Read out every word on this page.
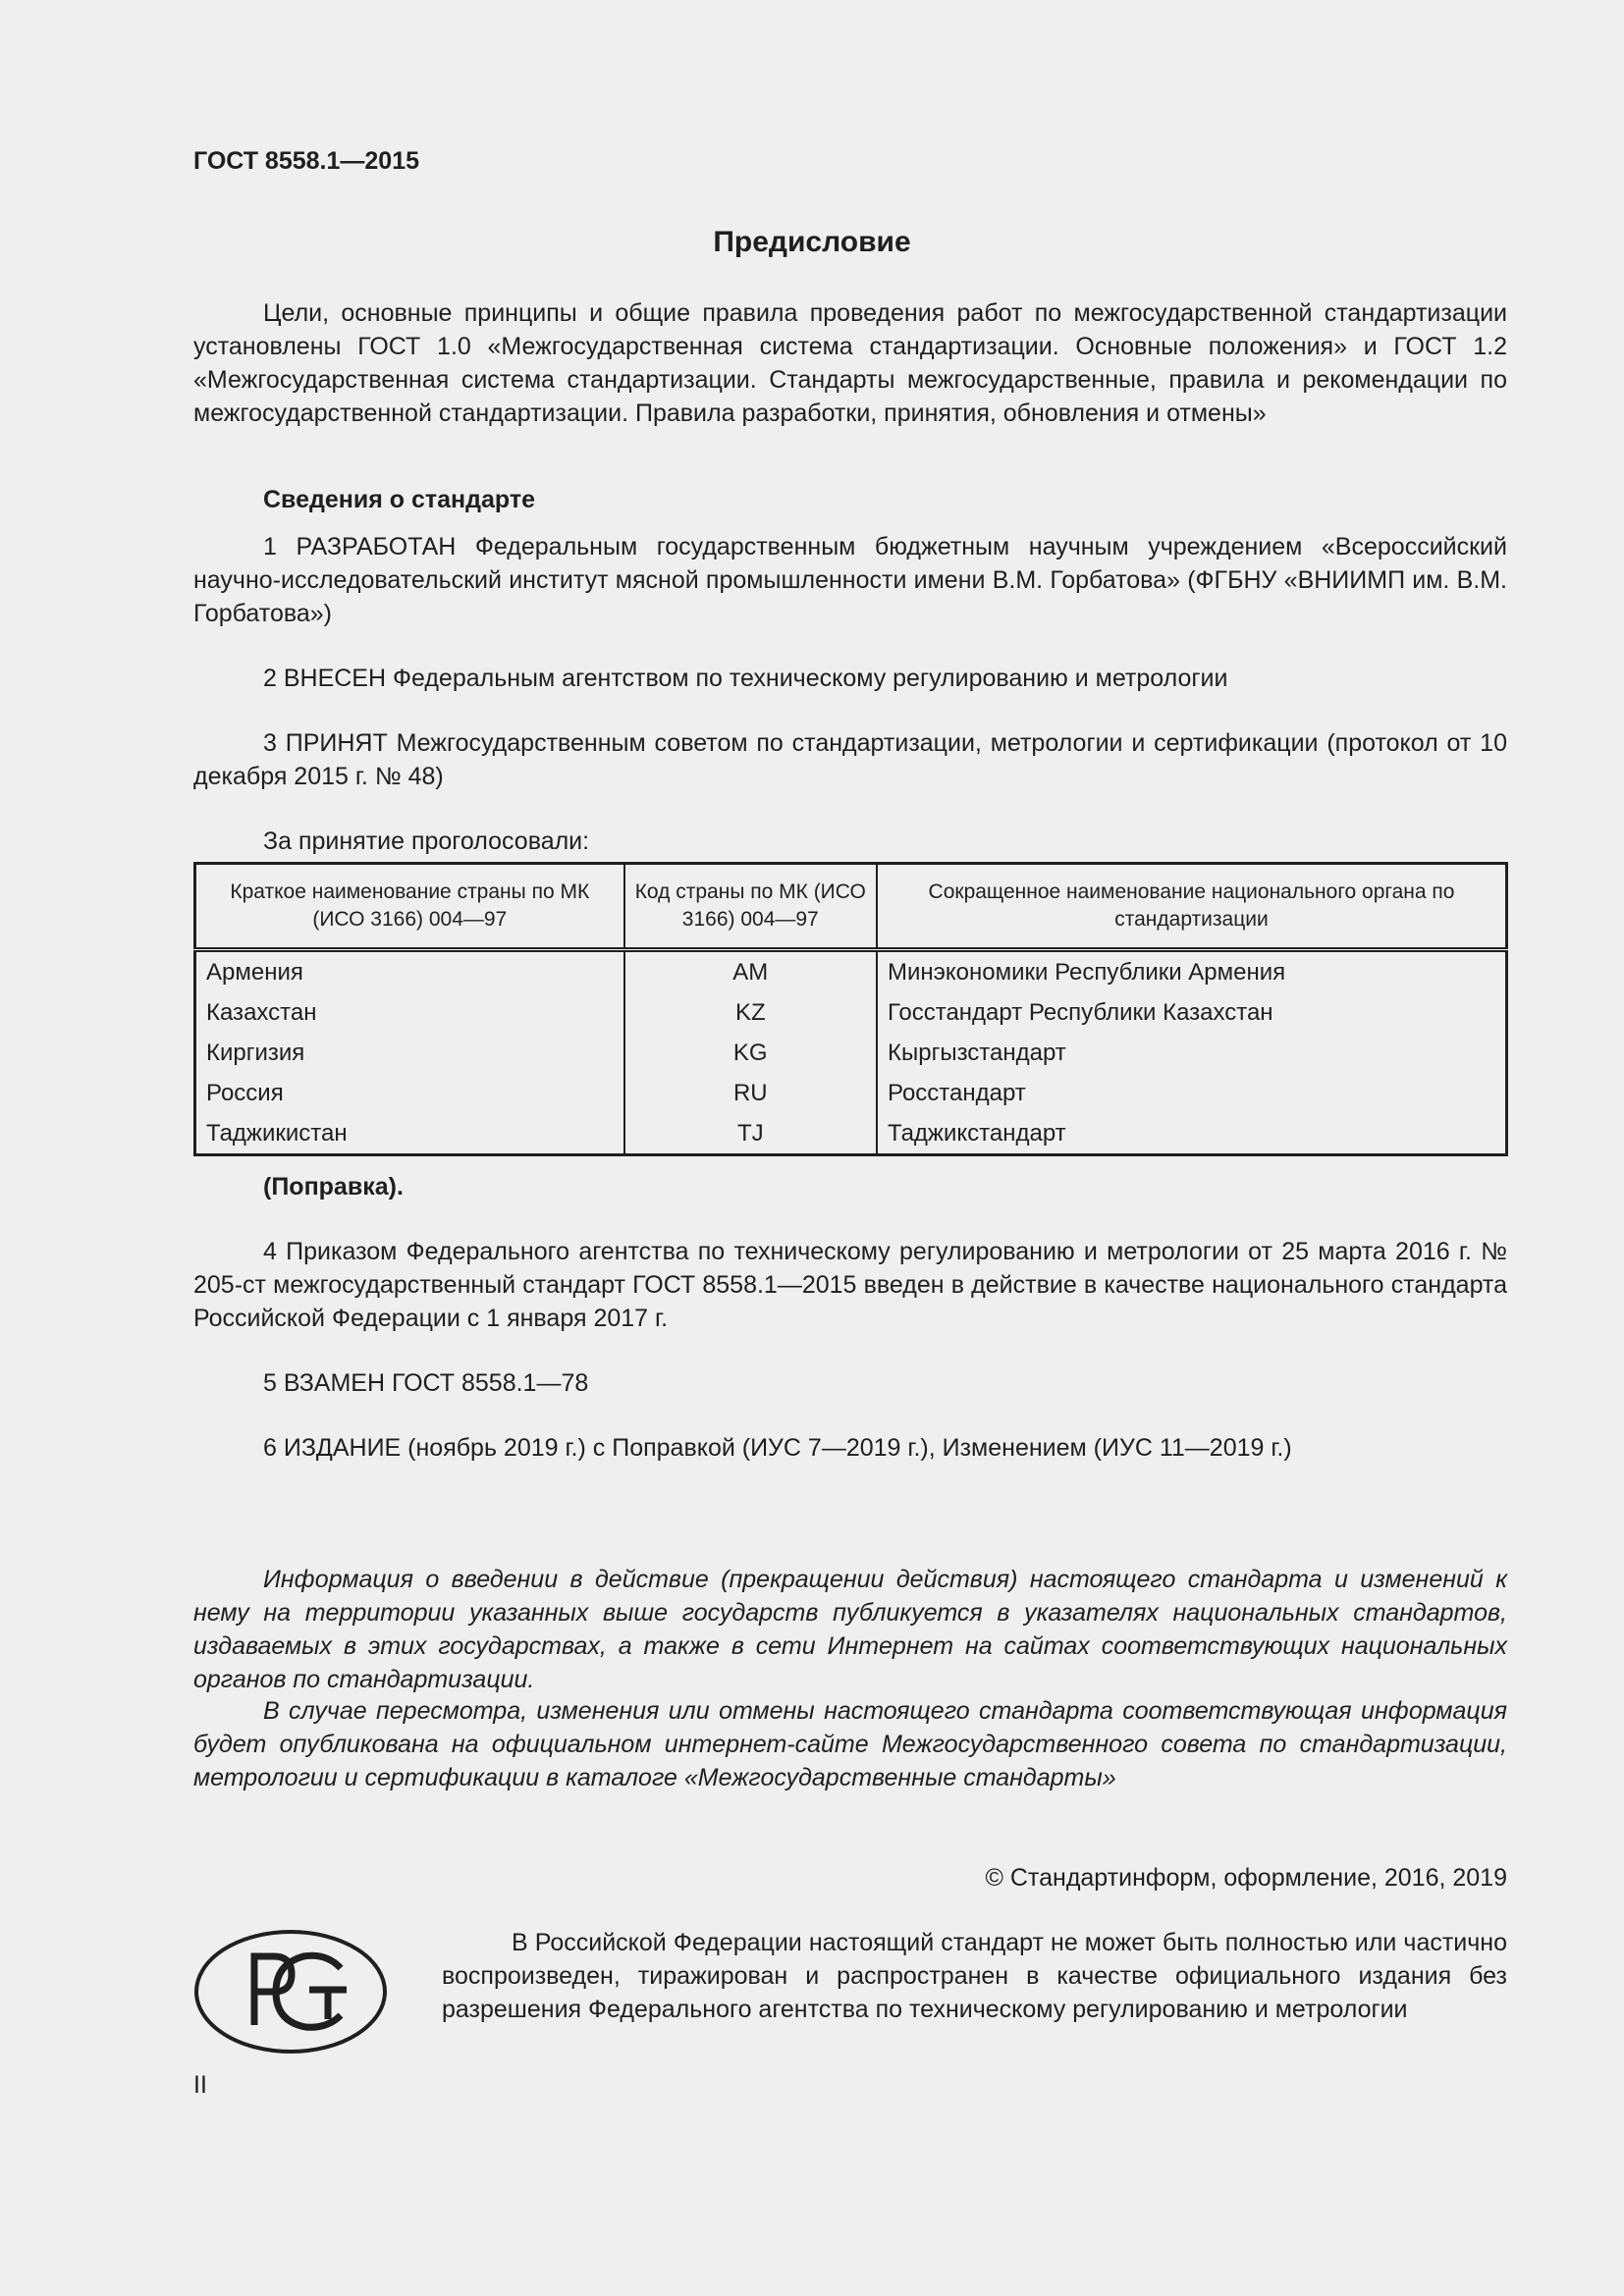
ГОСТ 8558.1—2015
Предисловие
Цели, основные принципы и общие правила проведения работ по межгосударственной стандартизации установлены ГОСТ 1.0 «Межгосударственная система стандартизации. Основные положения» и ГОСТ 1.2 «Межгосударственная система стандартизации. Стандарты межгосударственные, правила и рекомендации по межгосударственной стандартизации. Правила разработки, принятия, обновления и отмены»
Сведения о стандарте
1 РАЗРАБОТАН Федеральным государственным бюджетным научным учреждением «Всероссийский научно-исследовательский институт мясной промышленности имени В.М. Горбатова» (ФГБНУ «ВНИИМП им. В.М. Горбатова»)
2 ВНЕСЕН Федеральным агентством по техническому регулированию и метрологии
3 ПРИНЯТ Межгосударственным советом по стандартизации, метрологии и сертификации (протокол от 10 декабря 2015 г. № 48)
За принятие проголосовали:
Краткое наименование страны по МК (ИСО 3166) 004—97	Код страны по МК (ИСО 3166) 004—97	Сокращенное наименование национального органа по стандартизации
Армения	AM	Минэкономики Республики Армения
Казахстан	KZ	Госстандарт Республики Казахстан
Киргизия	KG	Кыргызстандарт
Россия	RU	Росстандарт
Таджикистан	TJ	Таджикстандарт
(Поправка).
4 Приказом Федерального агентства по техническому регулированию и метрологии от 25 марта 2016 г. № 205-ст межгосударственный стандарт ГОСТ 8558.1—2015 введен в действие в качестве национального стандарта Российской Федерации с 1 января 2017 г.
5 ВЗАМЕН ГОСТ 8558.1—78
6 ИЗДАНИЕ (ноябрь 2019 г.) с Поправкой (ИУС 7—2019 г.), Изменением (ИУС 11—2019 г.)
Информация о введении в действие (прекращении действия) настоящего стандарта и изменений к нему на территории указанных выше государств публикуется в указателях национальных стандартов, издаваемых в этих государствах, а также в сети Интернет на сайтах соответствующих национальных органов по стандартизации.
В случае пересмотра, изменения или отмены настоящего стандарта соответствующая информация будет опубликована на официальном интернет-сайте Межгосударственного совета по стандартизации, метрологии и сертификации в каталоге «Межгосударственные стандарты»
© Стандартинформ, оформление, 2016, 2019
В Российской Федерации настоящий стандарт не может быть полностью или частично воспроизведен, тиражирован и распространен в качестве официального издания без разрешения Федерального агентства по техническому регулированию и метрологии
II
